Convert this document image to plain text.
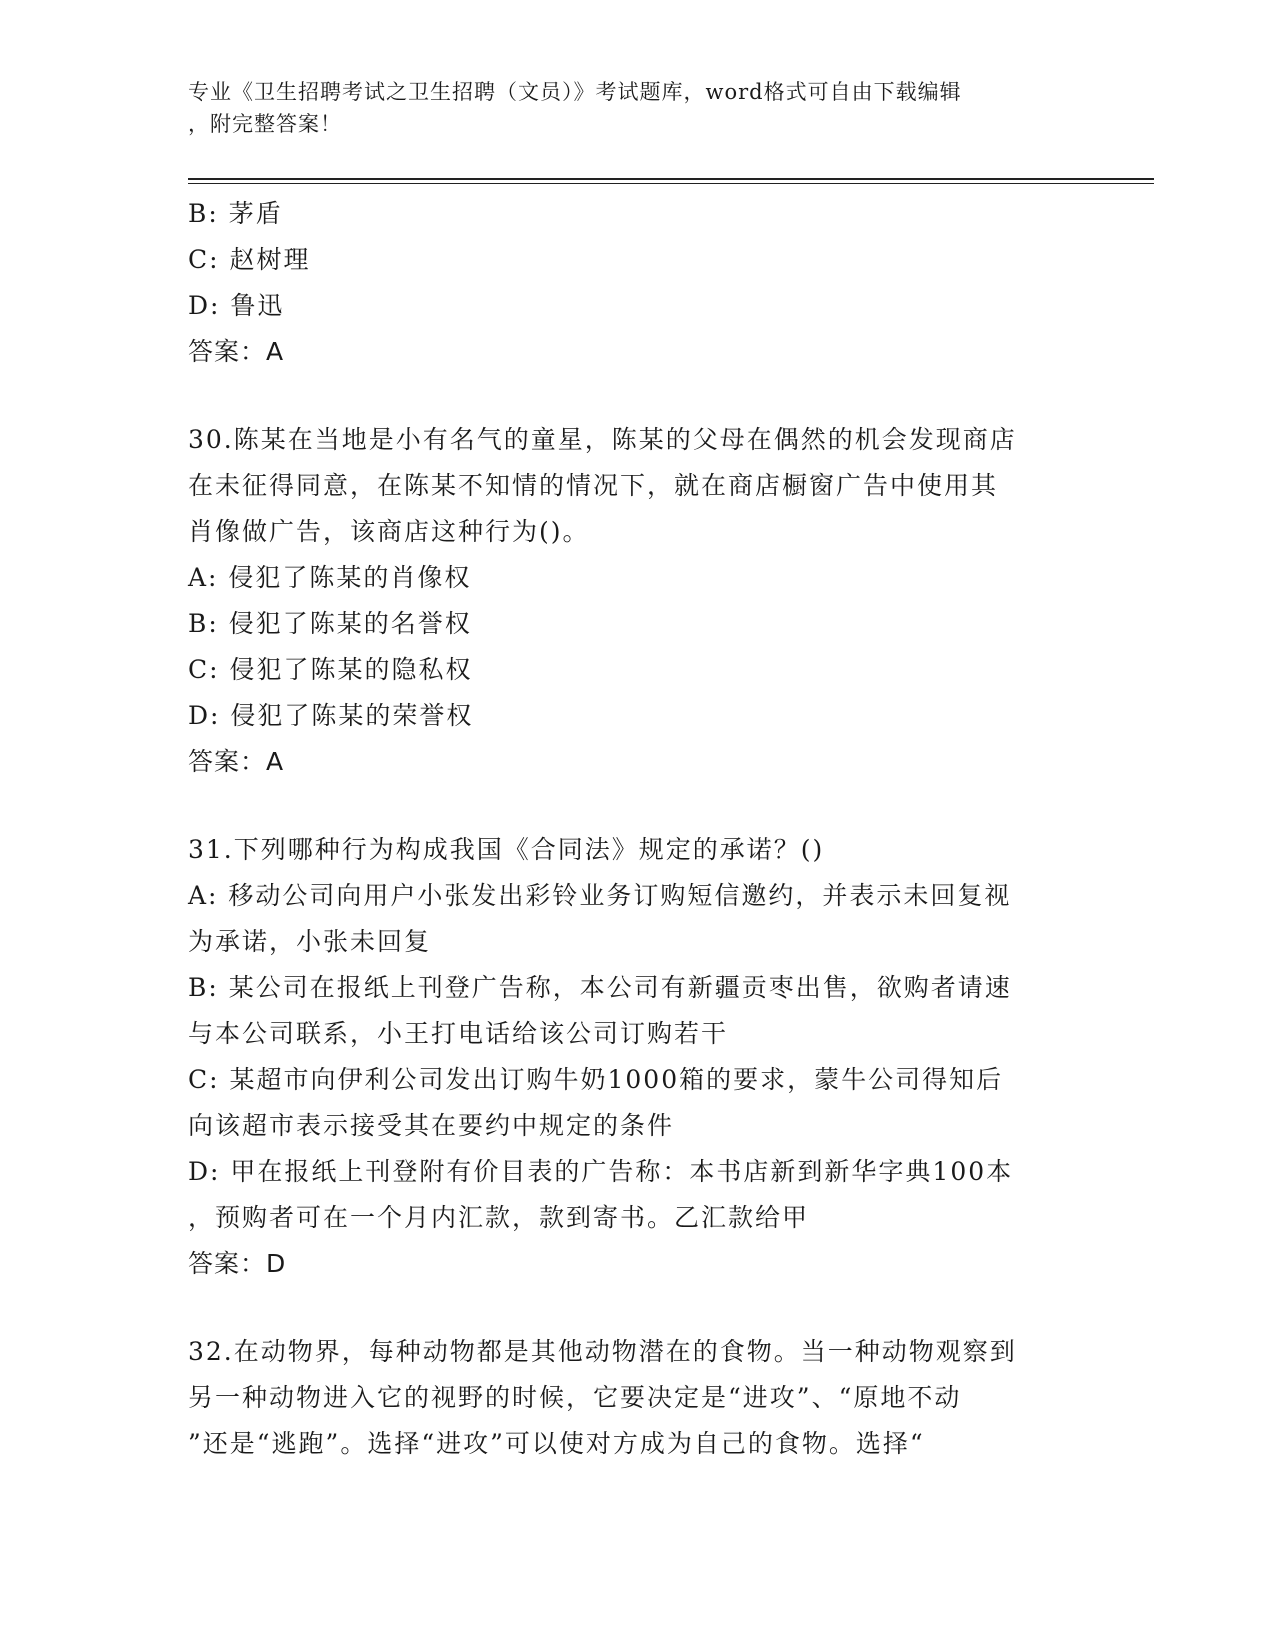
专业《卫生招聘考试之卫生招聘（文员）》考试题库，word格式可自由下载编辑
，附完整答案！
B: 茅盾
C: 赵树理
D: 鲁迅
答案：A
30.陈某在当地是小有名气的童星，陈某的父母在偶然的机会发现商店
在未征得同意，在陈某不知情的情况下，就在商店橱窗广告中使用其
肖像做广告，该商店这种行为()。
A: 侵犯了陈某的肖像权
B: 侵犯了陈某的名誉权
C: 侵犯了陈某的隐私权
D: 侵犯了陈某的荣誉权
答案：A
31.下列哪种行为构成我国《合同法》规定的承诺？()
A: 移动公司向用户小张发出彩铃业务订购短信邀约，并表示未回复视
为承诺，小张未回复
B: 某公司在报纸上刊登广告称，本公司有新疆贡枣出售，欲购者请速
与本公司联系，小王打电话给该公司订购若干
C: 某超市向伊利公司发出订购牛奶1000箱的要求，蒙牛公司得知后
向该超市表示接受其在要约中规定的条件
D: 甲在报纸上刊登附有价目表的广告称：本书店新到新华字典100本
，预购者可在一个月内汇款，款到寄书。乙汇款给甲
答案：D
32.在动物界，每种动物都是其他动物潜在的食物。当一种动物观察到
另一种动物进入它的视野的时候，它要决定是“进攻”、“原地不动
”还是“逃跑”。选择“进攻”可以使对方成为自己的食物。选择“
